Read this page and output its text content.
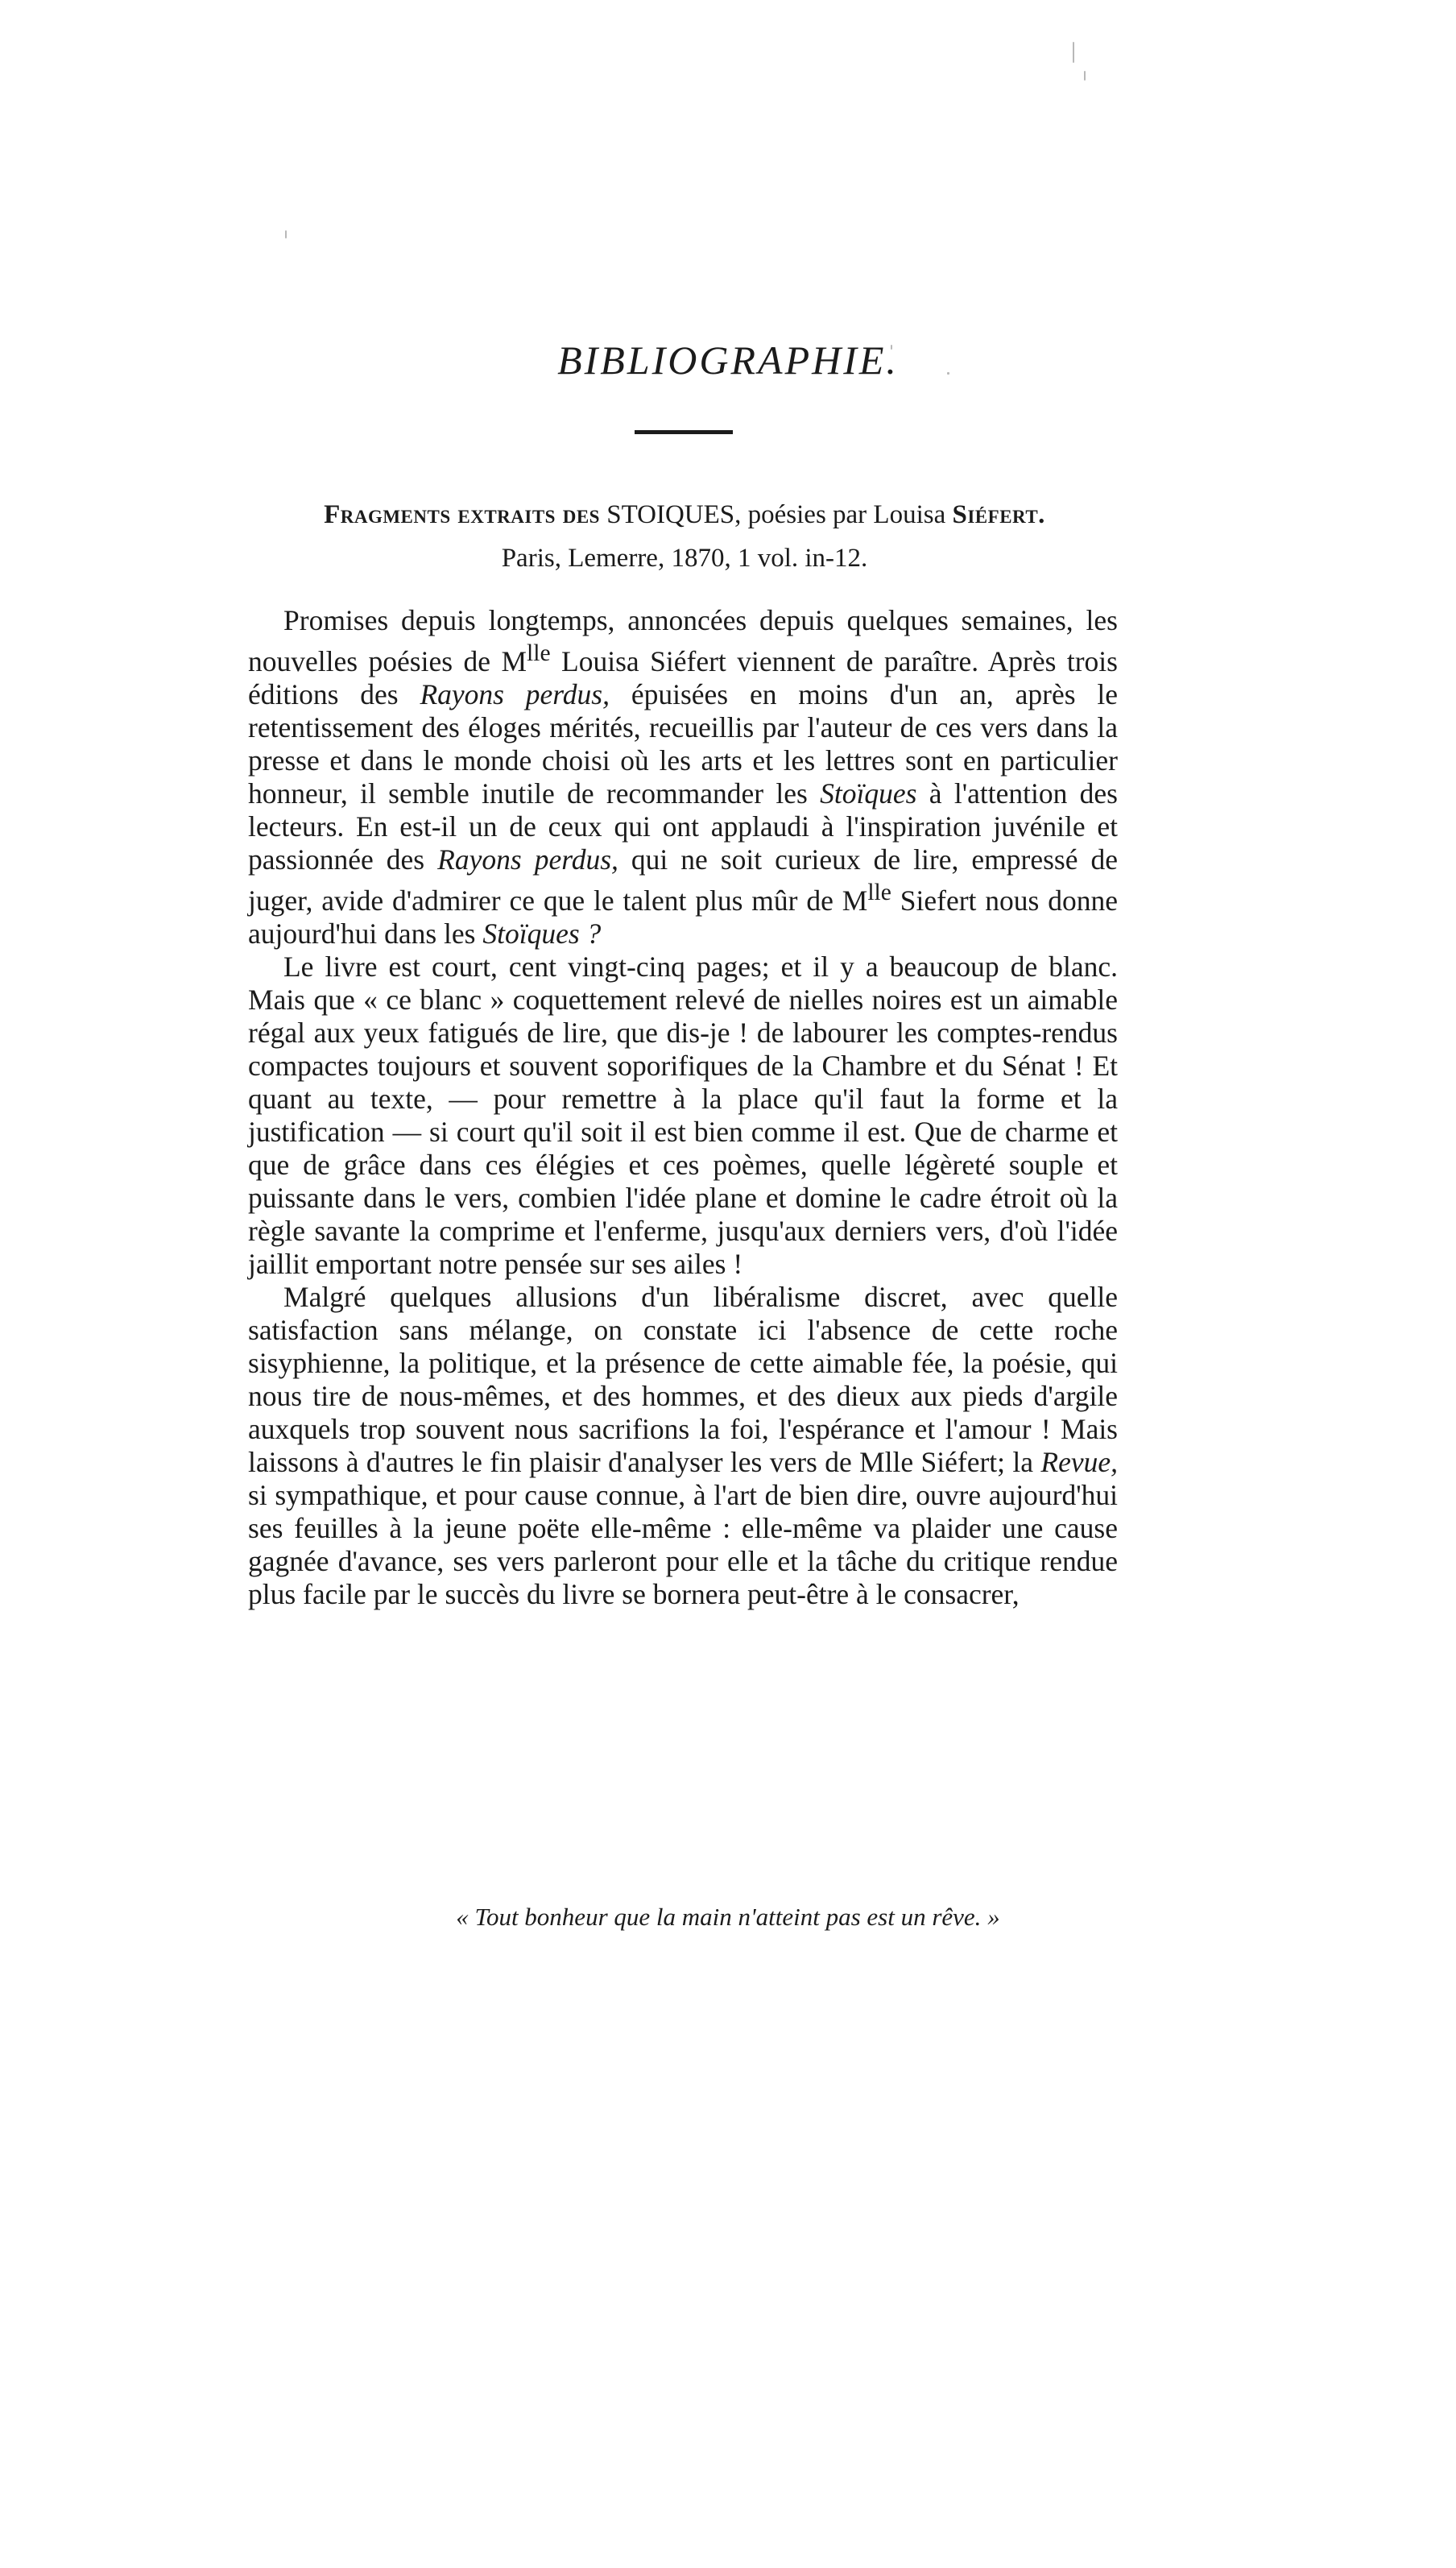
BIBLIOGRAPHIE.
Fragments extraits des STOIQUES, poésies par Louisa Siéfert.
Paris, Lemerre, 1870, 1 vol. in-12.

Promises depuis longtemps, annoncées depuis quelques semaines, les nouvelles poésies de $M^{lle}$ Louisa Siéfert viennent de paraître. Après trois éditions des Rayons perdus, épuisées en moins d'un an, après le retentissement des éloges mérités, recueillis par l'auteur de ces vers dans la presse et dans le monde choisi où les arts et les lettres sont en particulier honneur, il semble inutile de recommander les Stoïques à l'attention des lecteurs. En est-il un de ceux qui ont applaudi à l'inspiration juvénile et passionnée des Rayons perdus, qui ne soit curieux de lire, empressé de juger, avide d'admirer ce que le talent plus mûr de $M^{lle}$ Siefert nous donne aujourd'hui dans les Stoïques ?

Le livre est court, cent vingt-cinq pages; et il y a beaucoup de blanc. Mais que « ce blanc » coquettement relevé de nielles noires est un aimable régal aux yeux fatigués de lire, que dis-je ! de labourer les comptes-rendus compactes toujours et souvent soporifiques de la Chambre et du Sénat ! Et quant au texte, — pour remettre à la place qu'il faut la forme et la justification — si court qu'il soit il est bien comme il est. Que de charme et que de grâce dans ces élégies et ces poèmes, quelle légèreté souple et puissante dans le vers, combien l'idée plane et domine le cadre étroit où la règle savante la comprime et l'enferme, jusqu'aux derniers vers, d'où l'idée jaillit emportant notre pensée sur ses ailes !

Malgré quelques allusions d'un libéralisme discret, avec quelle satisfaction sans mélange, on constate ici l'absence de cette roche sisyphienne, la politique, et la présence de cette aimable fée, la poésie, qui nous tire de nous-mêmes, et des hommes, et des dieux aux pieds d'argile auxquels trop souvent nous sacrifions la foi, l'espérance et l'amour ! Mais laissons à d'autres le fin plaisir d'analyser les vers de Mlle Siéfert; la Revue, si sympathique, et pour cause connue, à l'art de bien dire, ouvre aujourd'hui ses feuilles à la jeune poëte elle-même : elle-même va plaider une cause gagnée d'avance, ses vers parleront pour elle et la tâche du critique rendue plus facile par le succès du livre se bornera peut-être à le consacrer,

« Tout bonheur que la main n'atteint pas est un rêve. »
